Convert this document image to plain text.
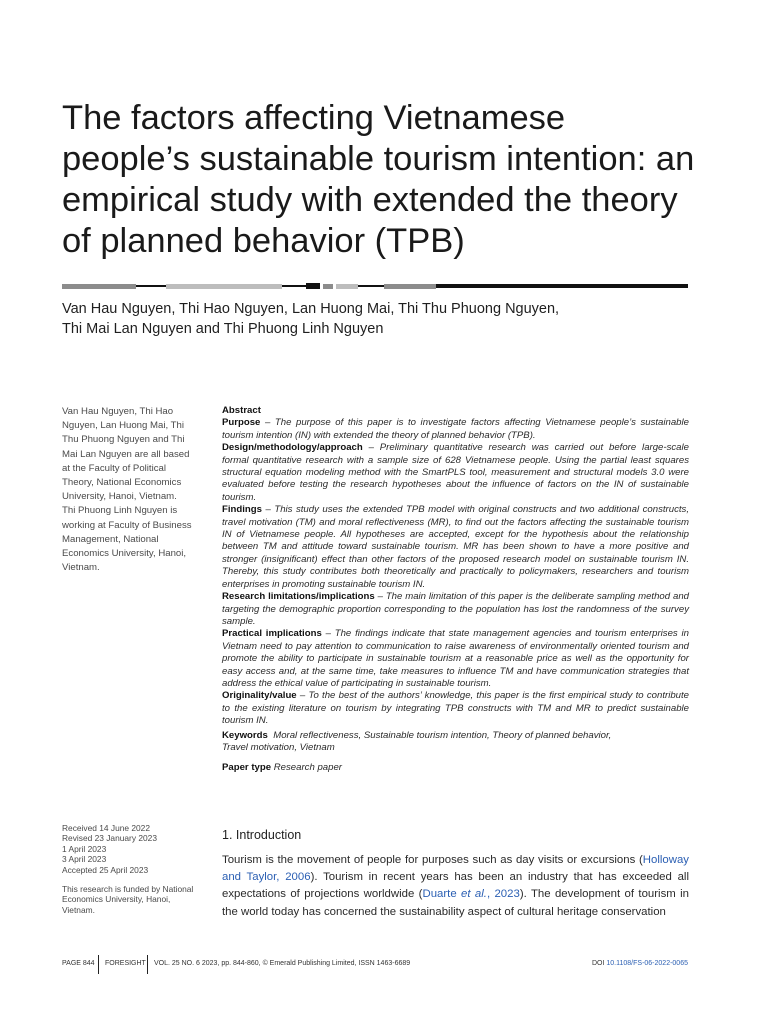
The factors affecting Vietnamese people’s sustainable tourism intention: an empirical study with extended the theory of planned behavior (TPB)

Van Hau Nguyen, Thi Hao Nguyen, Lan Huong Mai, Thi Thu Phuong Nguyen,
Thi Mai Lan Nguyen and Thi Phuong Linh Nguyen

Van Hau Nguyen, Thi Hao Nguyen, Lan Huong Mai, Thi Thu Phuong Nguyen and Thi Mai Lan Nguyen are all based at the Faculty of Political Theory, National Economics University, Hanoi, Vietnam. Thi Phuong Linh Nguyen is working at Faculty of Business Management, National Economics University, Hanoi, Vietnam.
Received 14 June 2022
Revised 23 January 2023
1 April 2023
3 April 2023
Accepted 25 April 2023
This research is funded by National Economics University, Hanoi, Vietnam.

Abstract

Purpose – The purpose of this paper is to investigate factors affecting Vietnamese people’s sustainable tourism intention (IN) with extended the theory of planned behavior (TPB).

Design/methodology/approach – Preliminary quantitative research was carried out before large-scale formal quantitative research with a sample size of 628 Vietnamese people. Using the partial least squares structural equation modeling method with the SmartPLS tool, measurement and structural models 3.0 were evaluated before testing the research hypotheses about the influence of factors on the IN of sustainable tourism.

Findings – This study uses the extended TPB model with original constructs and two additional constructs, travel motivation (TM) and moral reflectiveness (MR), to find out the factors affecting the sustainable tourism IN of Vietnamese people. All hypotheses are accepted, except for the hypothesis about the relationship between TM and attitude toward sustainable tourism. MR has been shown to have a more positive and stronger (insignificant) effect than other factors of the proposed research model on sustainable tourism IN. Thereby, this study contributes both theoretically and practically to policymakers, researchers and tourism enterprises in promoting sustainable tourism IN.

Research limitations/implications – The main limitation of this paper is the deliberate sampling method and targeting the demographic proportion corresponding to the population has lost the randomness of the survey sample.

Practical implications – The findings indicate that state management agencies and tourism enterprises in Vietnam need to pay attention to communication to raise awareness of environmentally oriented tourism and promote the ability to participate in sustainable tourism at a reasonable price as well as the opportunity for easy access and, at the same time, take measures to influence TM and have communication strategies that address the ethical value of participating in sustainable tourism.

Originality/value – To the best of the authors’ knowledge, this paper is the first empirical study to contribute to the existing literature on tourism by integrating TPB constructs with TM and MR to predict sustainable tourism IN.

Keywords Moral reflectiveness, Sustainable tourism intention, Theory of planned behavior,
Travel motivation, Vietnam

Paper type Research paper

1. Introduction

Tourism is the movement of people for purposes such as day visits or excursions (Holloway and Taylor, 2006). Tourism in recent years has been an industry that has exceeded all expectations of projections worldwide (Duarte et al., 2023). The development of tourism in the world today has concerned the sustainability aspect of cultural heritage conservation

PAGE 844 FORESIGHT VOL. 25 NO. 6 2023, pp. 844-860, © Emerald Publishing Limited, ISSN 1463-6689	DOI 10.1108/FS-06-2022-0065
